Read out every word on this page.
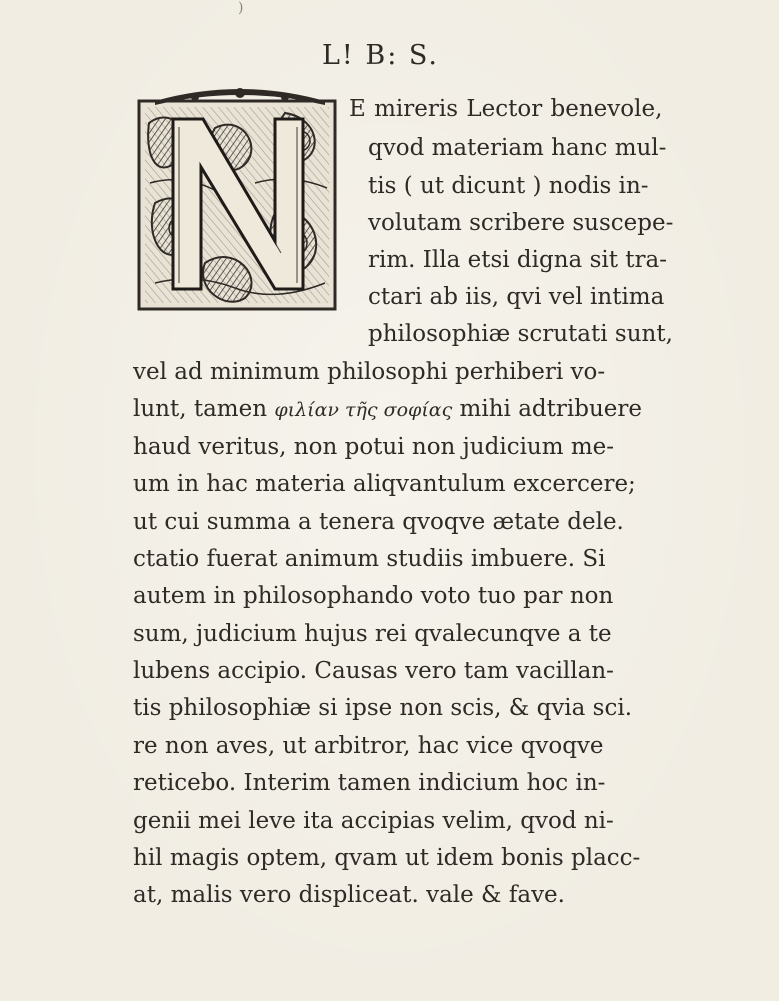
)
L! B: S.
E mireris Lector benevole,
qvod materiam hanc mul-
tis ( ut dicunt ) nodis in-
volutam scribere suscepe-
rim. Illa etsi digna sit tra-
ctari ab iis, qvi vel intima
philosophiæ scrutati sunt,
vel ad minimum philosophi perhiberi vo-
lunt, tamen φιλίαν τῆς σοφίας mihi adtribuere
haud veritus, non potui non judicium me-
um in hac materia aliqvantulum excercere;
ut cui summa a tenera qvoqve ætate dele.
ctatio fuerat animum studiis imbuere. Si
autem in philosophando voto tuo par non
sum, judicium hujus rei qvalecunqve a te
lubens accipio. Causas vero tam vacillan-
tis philosophiæ si ipse non scis, & qvia sci.
re non aves, ut arbitror, hac vice qvoqve
reticebo. Interim tamen indicium hoc in-
genii mei leve ita accipias velim, qvod ni-
hil magis optem, qvam ut idem bonis placc-
at, malis vero displiceat. vale & fave.
